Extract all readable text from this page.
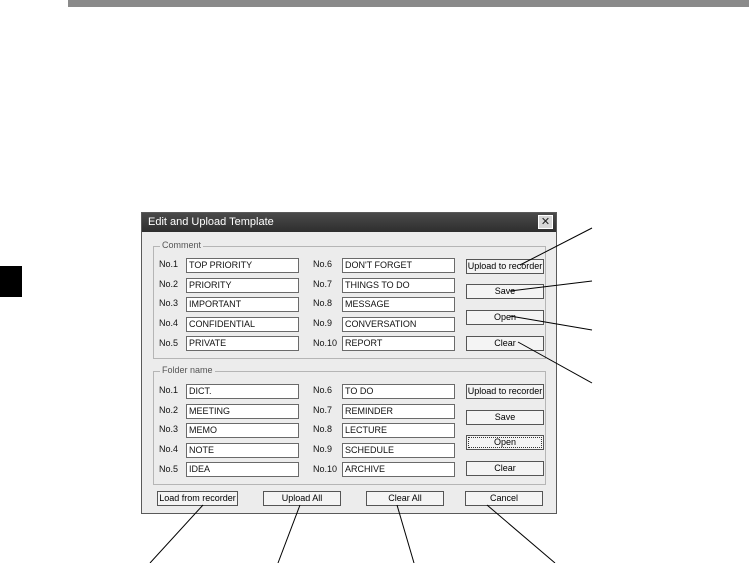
Edit and Upload Template	✕
Comment
No.1	TOP PRIORITY
No.2	PRIORITY
No.3	IMPORTANT
No.4	CONFIDENTIAL
No.5	PRIVATE
No.6	DON'T FORGET
No.7	THINGS TO DO
No.8	MESSAGE
No.9	CONVERSATION
No.10 REPORT
Upload to recorder
Save
Open
Clear
Folder name
No.1	DICT.
No.2	MEETING
No.3	MEMO
No.4	NOTE
No.5	IDEA
No.6	TO DO
No.7	REMINDER
No.8	LECTURE
No.9	SCHEDULE
No.10 ARCHIVE
Upload to recorder
Save
Open
Clear
Load from recorder	Upload All	Clear All	Cancel
